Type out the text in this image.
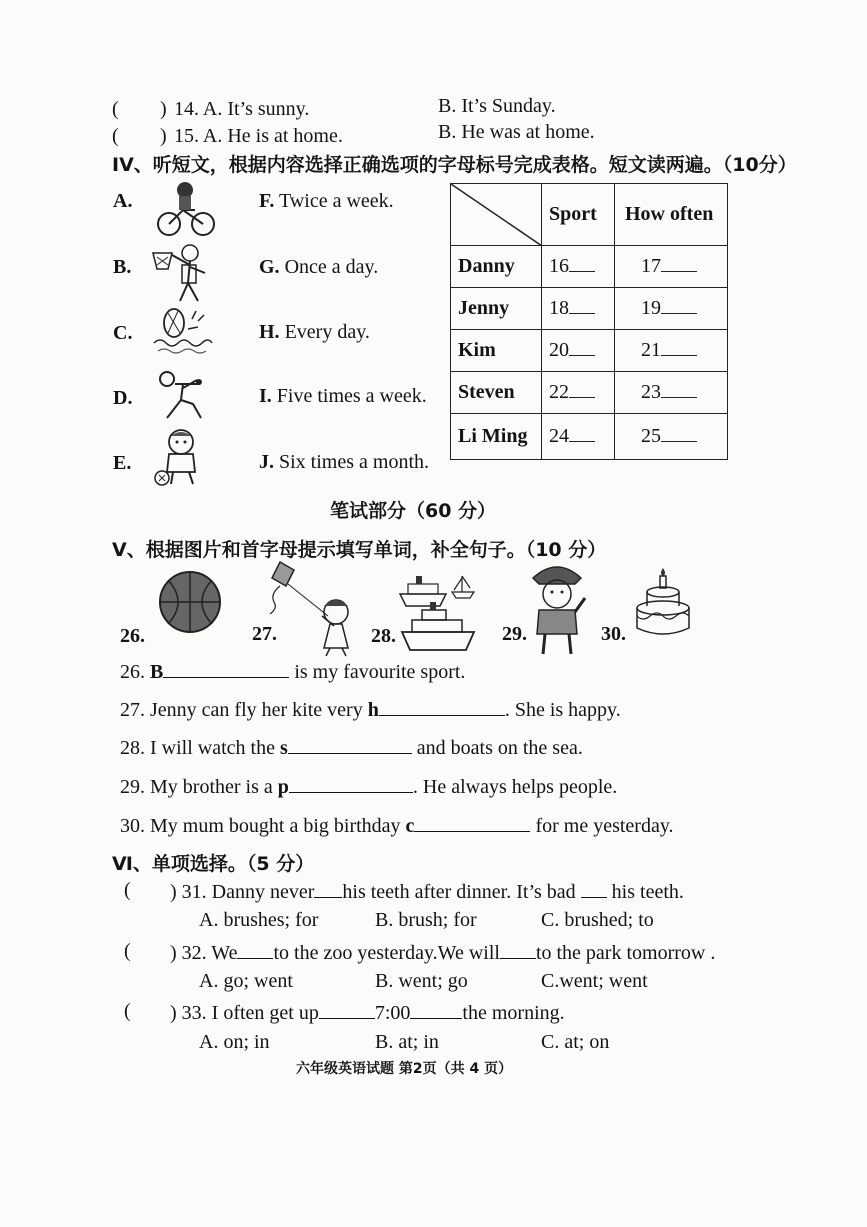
( ) 14. A. It’s sunny.	B. It’s Sunday.
( ) 15. A. He is at home.	B. He was at home.
IV、听短文，根据内容选择正确选项的字母标号完成表格。短文读两遍。（10分）
A.
B.
C.
D.
E.
F. Twice a week.
G. Once a day.
H. Every day.
I. Five times a week.
J. Six times a month.
	Sport	How often
Danny	16	17
Jenny	18	19
Kim	20	21
Steven	22	23
Li Ming	24	25
笔试部分（60 分）
V、根据图片和首字母提示填写单词，补全句子。（10 分）
26.	27.	28.	29.	30.
26. B	is my favourite sport.
27. Jenny can fly her kite very h	. She is happy.
28. I will watch the s	and boats on the sea.
29. My brother is a p	. He always helps people.
30. My mum bought a big birthday c	for me yesterday.
Ⅵ、单项选择。（5 分）
( ) 31. Danny never his teeth after dinner. It’s bad his teeth.
A. brushes; for	B. brush; for	C. brushed; to
( ) 32. We to the zoo yesterday.We will to the park tomorrow .
A. go; went	B. went; go	C.went; went
( ) 33. I often get up	7:00	the morning.
A. on; in	B. at; in	C. at; on
六年级英语试题 第2页（共 4 页）
